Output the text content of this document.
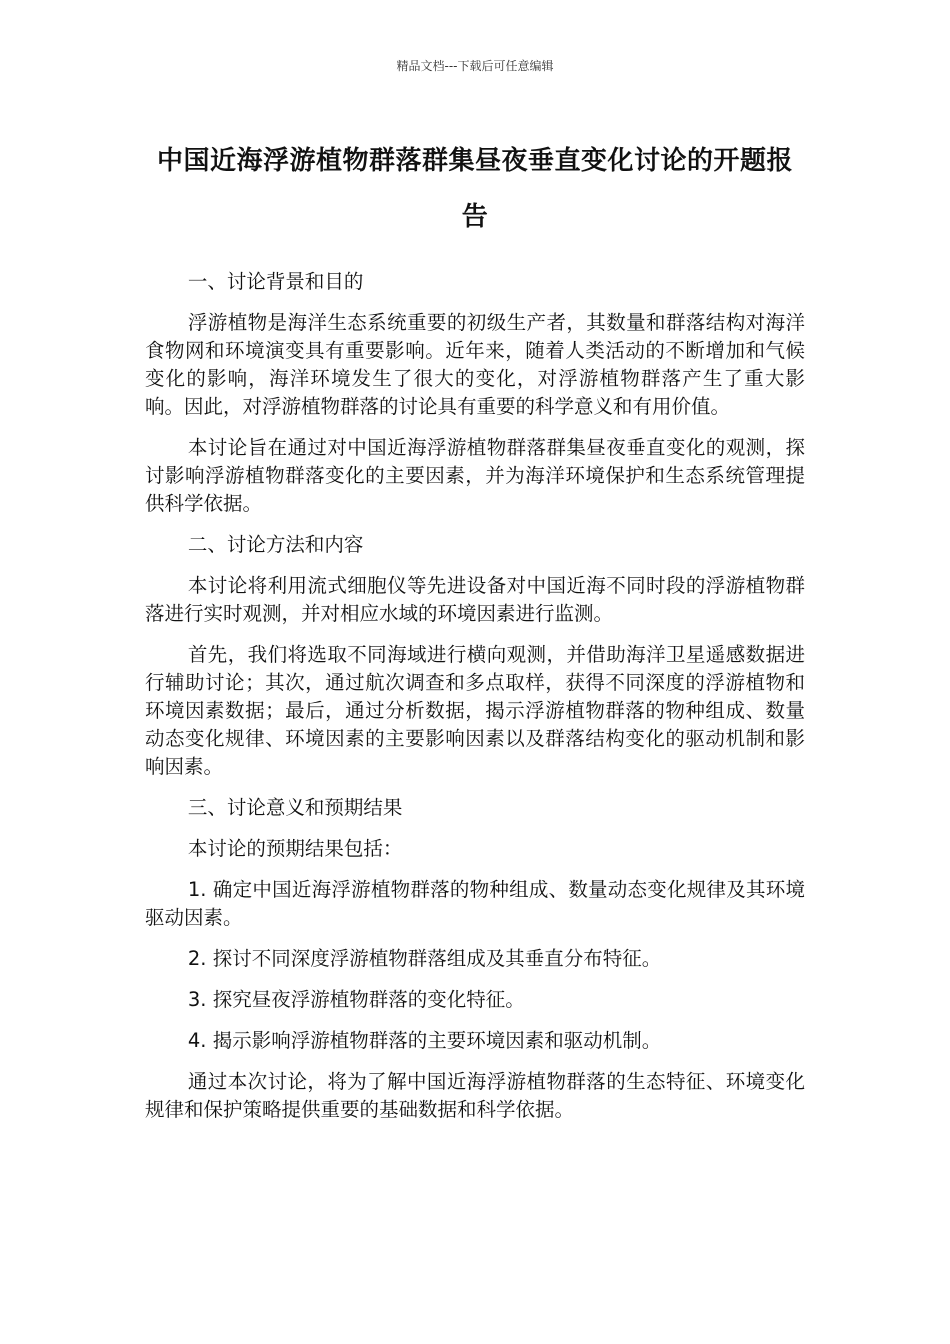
精品文档---下载后可任意编辑
中国近海浮游植物群落群集昼夜垂直变化讨论的开题报告

一、讨论背景和目的

浮游植物是海洋生态系统重要的初级生产者，其数量和群落结构对海洋食物网和环境演变具有重要影响。近年来，随着人类活动的不断增加和气候变化的影响，海洋环境发生了很大的变化，对浮游植物群落产生了重大影响。因此，对浮游植物群落的讨论具有重要的科学意义和有用价值。

本讨论旨在通过对中国近海浮游植物群落群集昼夜垂直变化的观测，探讨影响浮游植物群落变化的主要因素，并为海洋环境保护和生态系统管理提供科学依据。

二、讨论方法和内容

本讨论将利用流式细胞仪等先进设备对中国近海不同时段的浮游植物群落进行实时观测，并对相应水域的环境因素进行监测。

首先，我们将选取不同海域进行横向观测，并借助海洋卫星遥感数据进行辅助讨论；其次，通过航次调查和多点取样，获得不同深度的浮游植物和环境因素数据；最后，通过分析数据，揭示浮游植物群落的物种组成、数量动态变化规律、环境因素的主要影响因素以及群落结构变化的驱动机制和影响因素。

三、讨论意义和预期结果

本讨论的预期结果包括：

1. 确定中国近海浮游植物群落的物种组成、数量动态变化规律及其环境驱动因素。

2. 探讨不同深度浮游植物群落组成及其垂直分布特征。

3. 探究昼夜浮游植物群落的变化特征。

4. 揭示影响浮游植物群落的主要环境因素和驱动机制。

通过本次讨论，将为了解中国近海浮游植物群落的生态特征、环境变化规律和保护策略提供重要的基础数据和科学依据。
